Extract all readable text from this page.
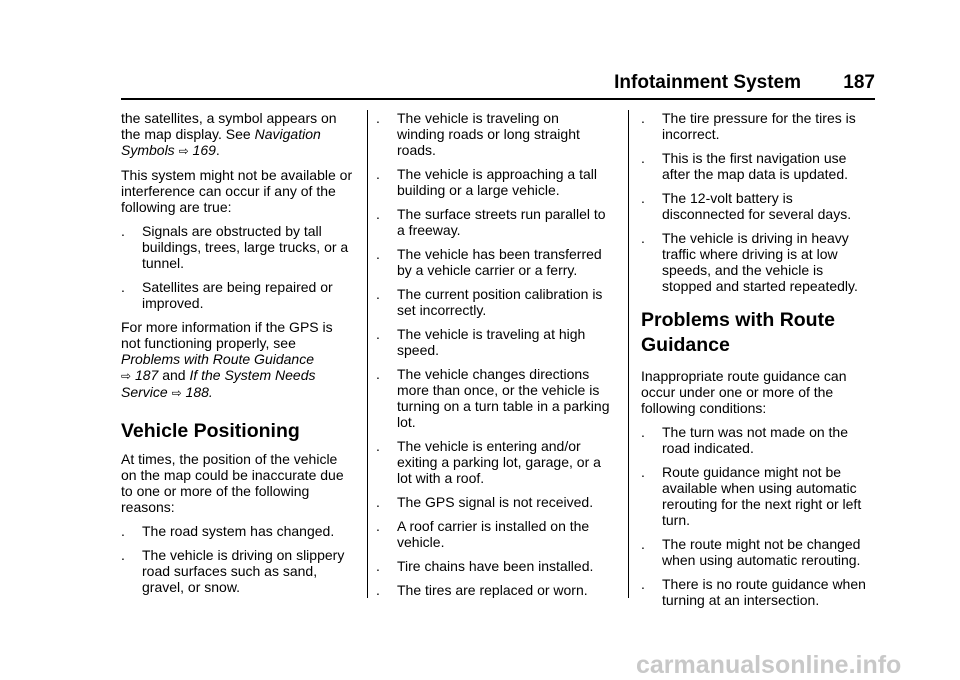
Infotainment System 187

the satellites, a symbol appears on the map display. See Navigation Symbols ⇨ 169.

This system might not be available or interference can occur if any of the following are true:

. Signals are obstructed by tall buildings, trees, large trucks, or a tunnel.
. Satellites are being repaired or improved.

For more information if the GPS is not functioning properly, see Problems with Route Guidance
⇨ 187 and If the System Needs Service ⇨ 188.

Vehicle Positioning

At times, the position of the vehicle on the map could be inaccurate due to one or more of the following reasons:

. The road system has changed.
. The vehicle is driving on slippery road surfaces such as sand, gravel, or snow.
. The vehicle is traveling on winding roads or long straight roads.
. The vehicle is approaching a tall building or a large vehicle.
. The surface streets run parallel to a freeway.
. The vehicle has been transferred by a vehicle carrier or a ferry.
. The current position calibration is set incorrectly.
. The vehicle is traveling at high speed.
. The vehicle changes directions more than once, or the vehicle is turning on a turn table in a parking lot.
. The vehicle is entering and/or exiting a parking lot, garage, or a lot with a roof.
. The GPS signal is not received.
. A roof carrier is installed on the vehicle.
. Tire chains have been installed.
. The tires are replaced or worn.
. The tire pressure for the tires is incorrect.
. This is the first navigation use after the map data is updated.
. The 12-volt battery is disconnected for several days.
. The vehicle is driving in heavy traffic where driving is at low speeds, and the vehicle is stopped and started repeatedly.
Problems with Route Guidance

Inappropriate route guidance can occur under one or more of the following conditions:

. The turn was not made on the road indicated.
. Route guidance might not be available when using automatic rerouting for the next right or left turn.
. The route might not be changed when using automatic rerouting.
. There is no route guidance when turning at an intersection.
carmanualsonline.info
